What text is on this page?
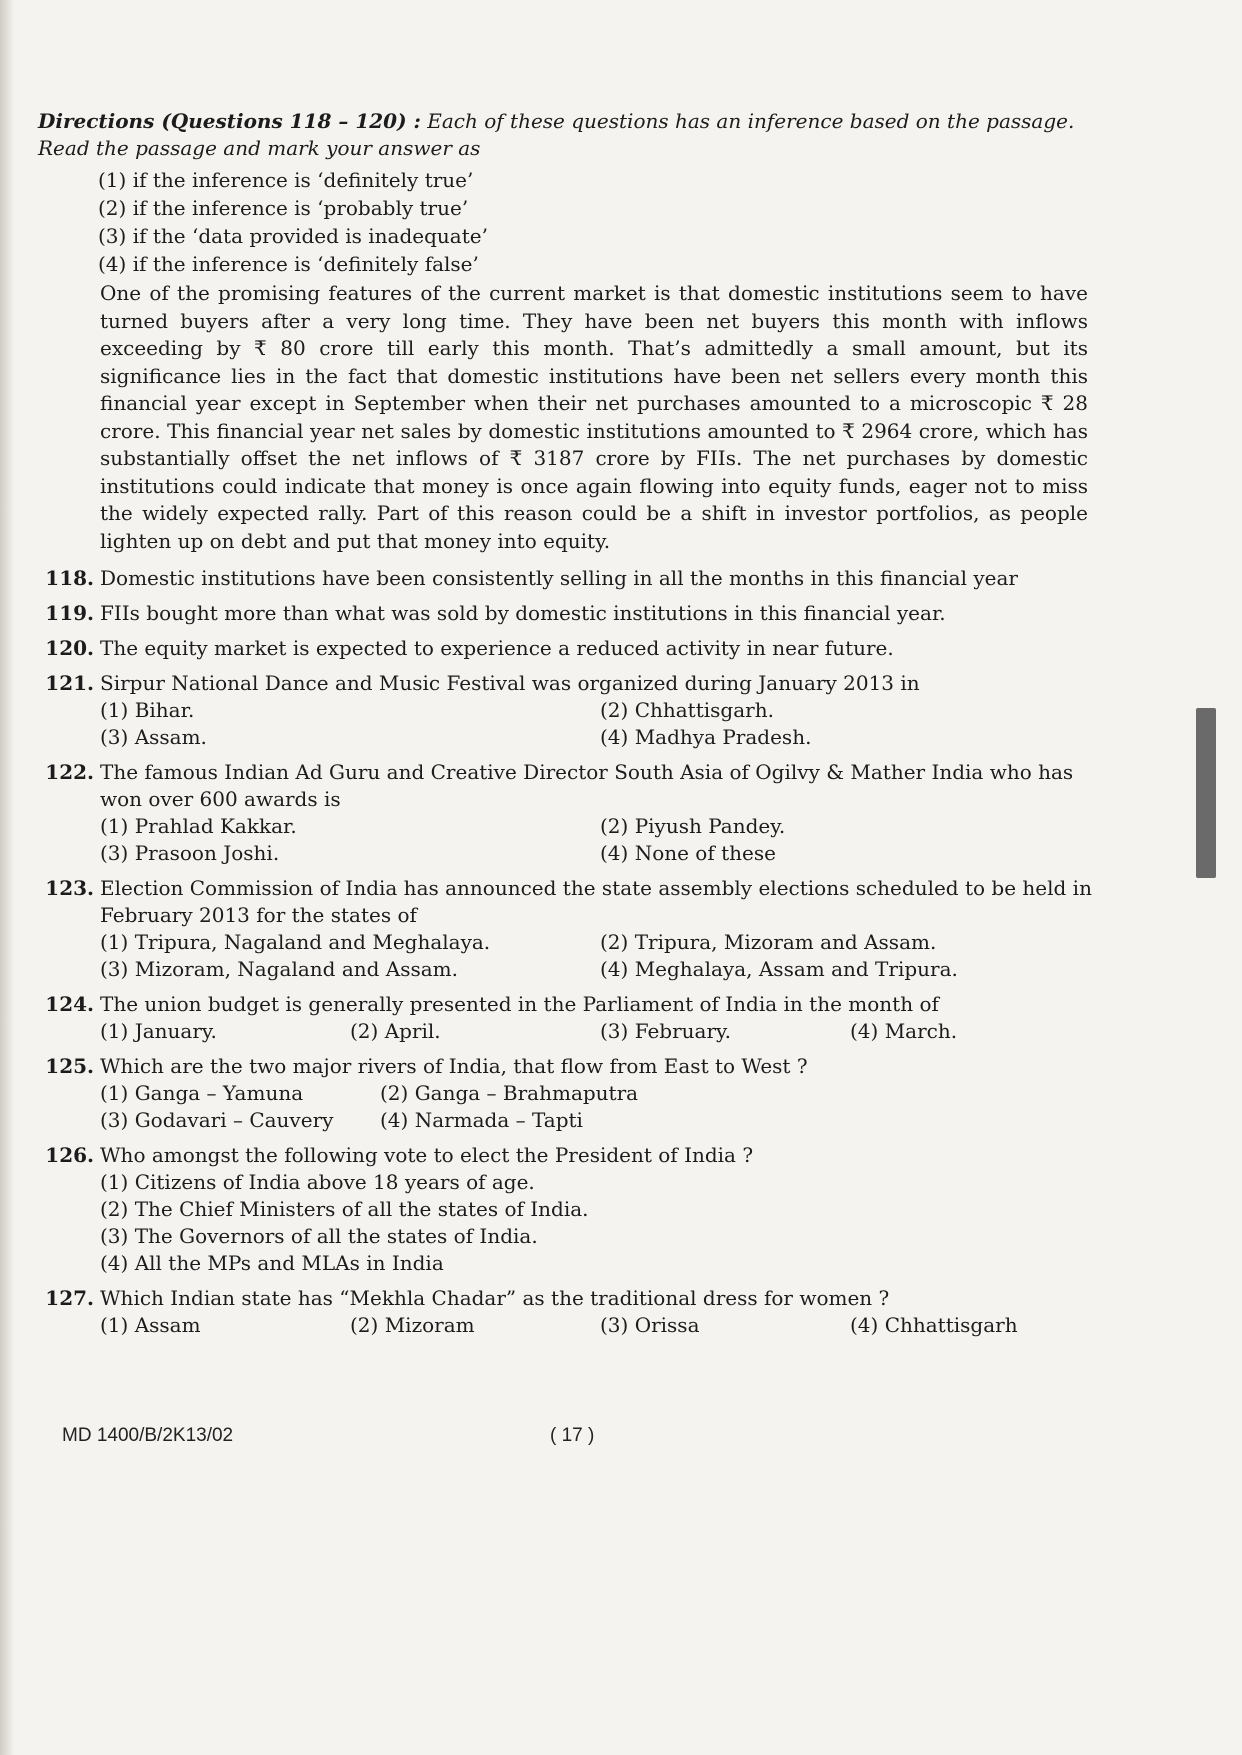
Directions (Questions 118 – 120) : Each of these questions has an inference based on the passage. Read the passage and mark your answer as

(1) if the inference is ‘definitely true’
(2) if the inference is ‘probably true’
(3) if the ‘data provided is inadequate’
(4) if the inference is ‘definitely false’

One of the promising features of the current market is that domestic institutions seem to have turned buyers after a very long time. They have been net buyers this month with inflows exceeding by ₹ 80 crore till early this month. That’s admittedly a small amount, but its significance lies in the fact that domestic institutions have been net sellers every month this financial year except in September when their net purchases amounted to a microscopic ₹ 28 crore. This financial year net sales by domestic institutions amounted to ₹ 2964 crore, which has substantially offset the net inflows of ₹ 3187 crore by FIIs. The net purchases by domestic institutions could indicate that money is once again flowing into equity funds, eager not to miss the widely expected rally. Part of this reason could be a shift in investor portfolios, as people lighten up on debt and put that money into equity.

118. Domestic institutions have been consistently selling in all the months in this financial year
119. FIIs bought more than what was sold by domestic institutions in this financial year.
120. The equity market is expected to experience a reduced activity in near future.
121. Sirpur National Dance and Music Festival was organized during January 2013 in
(1) Bihar.	(2) Chhattisgarh.
(3) Assam.	(4) Madhya Pradesh.
122. The famous Indian Ad Guru and Creative Director South Asia of Ogilvy & Mather India who has won over 600 awards is
(1) Prahlad Kakkar.	(2) Piyush Pandey.
(3) Prasoon Joshi.	(4) None of these
123. Election Commission of India has announced the state assembly elections scheduled to be held in February 2013 for the states of
(1) Tripura, Nagaland and Meghalaya.	(2) Tripura, Mizoram and Assam.
(3) Mizoram, Nagaland and Assam.	(4) Meghalaya, Assam and Tripura.
124. The union budget is generally presented in the Parliament of India in the month of
(1) January.	(2) April.	(3) February.	(4) March.
125. Which are the two major rivers of India, that flow from East to West ?
(1) Ganga – Yamuna	(2) Ganga – Brahmaputra
(3) Godavari – Cauvery	(4) Narmada – Tapti
126. Who amongst the following vote to elect the President of India ?
(1) Citizens of India above 18 years of age.
(2) The Chief Ministers of all the states of India.
(3) The Governors of all the states of India.
(4) All the MPs and MLAs in India
127. Which Indian state has “Mekhla Chadar” as the traditional dress for women ?
(1) Assam	(2) Mizoram	(3) Orissa	(4) Chhattisgarh
MD 1400/B/2K13/02	( 17 )
